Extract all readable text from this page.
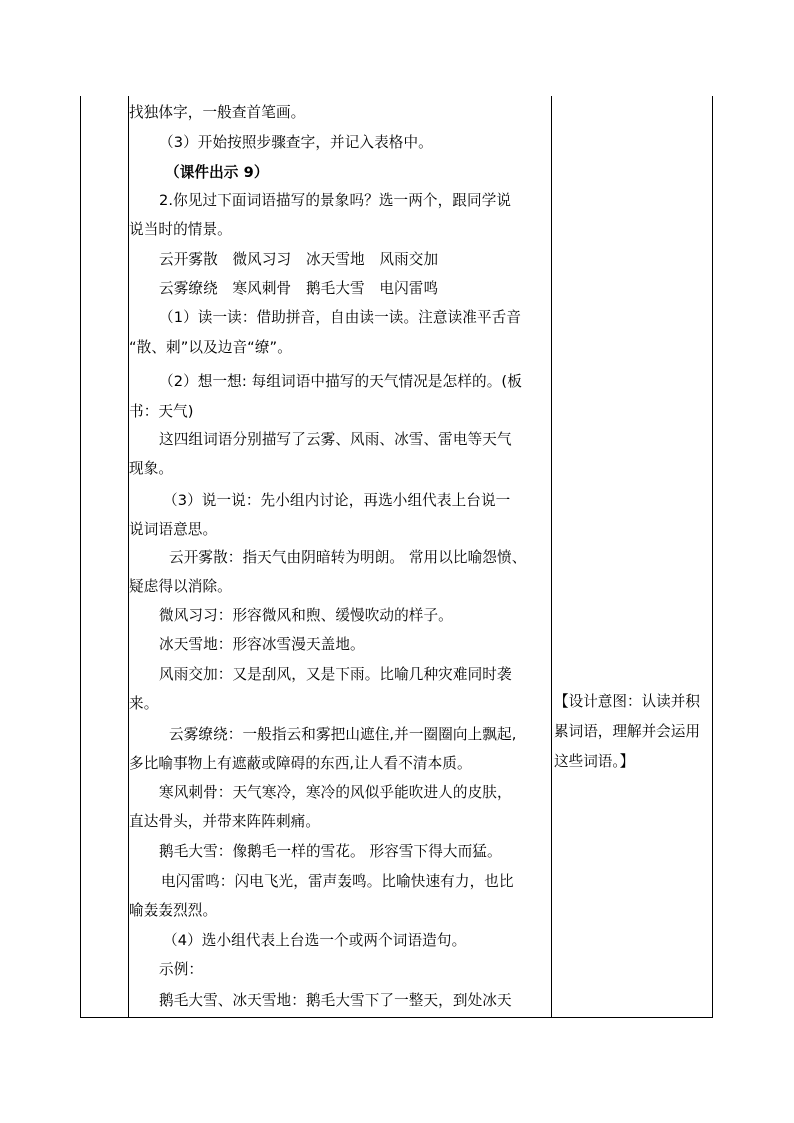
找独体字，一般查首笔画。
（3）开始按照步骤查字，并记入表格中。
（课件出示 9）
2.你见过下面词语描写的景象吗？选一两个，跟同学说
说当时的情景。
云开雾散　微风习习　冰天雪地　风雨交加
云雾缭绕　寒风刺骨　鹅毛大雪　电闪雷鸣
（1）读一读：借助拼音，自由读一读。注意读准平舌音
“散、刺”以及边音“缭”。
（2）想一想: 每组词语中描写的天气情况是怎样的。(板
书：天气)
这四组词语分别描写了云雾、风雨、冰雪、雷电等天气
现象。
（3）说一说：先小组内讨论，再选小组代表上台说一
说词语意思。
云开雾散：指天气由阴暗转为明朗。 常用以比喻怨愤、
疑虑得以消除。
微风习习：形容微风和煦、缓慢吹动的样子。
冰天雪地：形容冰雪漫天盖地。
风雨交加：又是刮风，又是下雨。比喻几种灾难同时袭
来。
云雾缭绕：一般指云和雾把山遮住,并一圈圈向上飘起,
多比喻事物上有遮蔽或障碍的东西,让人看不清本质。
寒风刺骨：天气寒冷，寒冷的风似乎能吹进人的皮肤，
直达骨头，并带来阵阵刺痛。
鹅毛大雪：像鹅毛一样的雪花。 形容雪下得大而猛。
电闪雷鸣：闪电飞光，雷声轰鸣。比喻快速有力，也比
喻轰轰烈烈。
（4）选小组代表上台选一个或两个词语造句。
示例：
鹅毛大雪、冰天雪地：鹅毛大雪下了一整天，到处冰天
【设计意图：认读并积
累词语，理解并会运用
这些词语。】
